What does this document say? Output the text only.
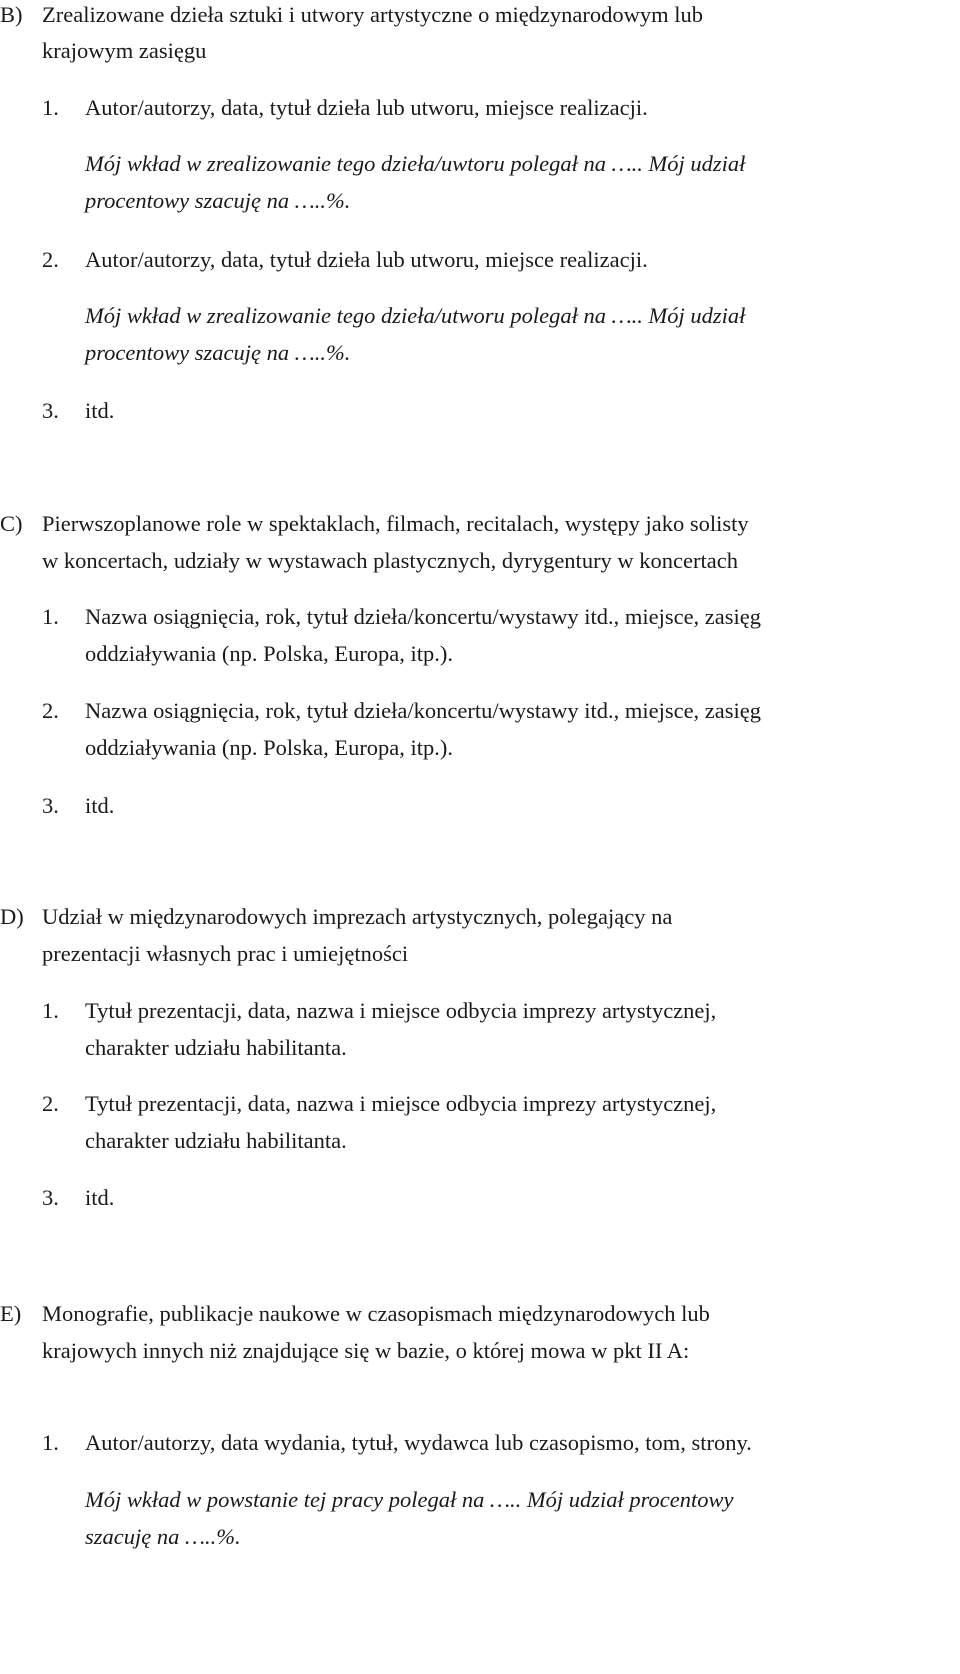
B) Zrealizowane dzieła sztuki i utwory artystyczne o międzynarodowym lub
krajowym zasięgu
1. Autor/autorzy, data, tytuł dzieła lub utworu, miejsce realizacji.
Mój wkład w zrealizowanie tego dzieła/uwtoru polegał na ….. Mój udział
procentowy szacuję na …..%.
2. Autor/autorzy, data, tytuł dzieła lub utworu, miejsce realizacji.
Mój wkład w zrealizowanie tego dzieła/utworu polegał na ….. Mój udział
procentowy szacuję na …..%.
3. itd.
C) Pierwszoplanowe role w spektaklach, filmach, recitalach, występy jako solisty
w koncertach, udziały w wystawach plastycznych, dyrygentury w koncertach
1. Nazwa osiągnięcia, rok, tytuł dzieła/koncertu/wystawy itd., miejsce, zasięg
oddziaływania (np. Polska, Europa, itp.).
2. Nazwa osiągnięcia, rok, tytuł dzieła/koncertu/wystawy itd., miejsce, zasięg
oddziaływania (np. Polska, Europa, itp.).
3. itd.
D) Udział w międzynarodowych imprezach artystycznych, polegający na
prezentacji własnych prac i umiejętności
1. Tytuł prezentacji, data, nazwa i miejsce odbycia imprezy artystycznej,
charakter udziału habilitanta.
2. Tytuł prezentacji, data, nazwa i miejsce odbycia imprezy artystycznej,
charakter udziału habilitanta.
3. itd.
E) Monografie, publikacje naukowe w czasopismach międzynarodowych lub
krajowych innych niż znajdujące się w bazie, o której mowa w pkt II A:
1. Autor/autorzy, data wydania, tytuł, wydawca lub czasopismo, tom, strony.
Mój wkład w powstanie tej pracy polegał na ….. Mój udział procentowy
szacuję na …..%.
